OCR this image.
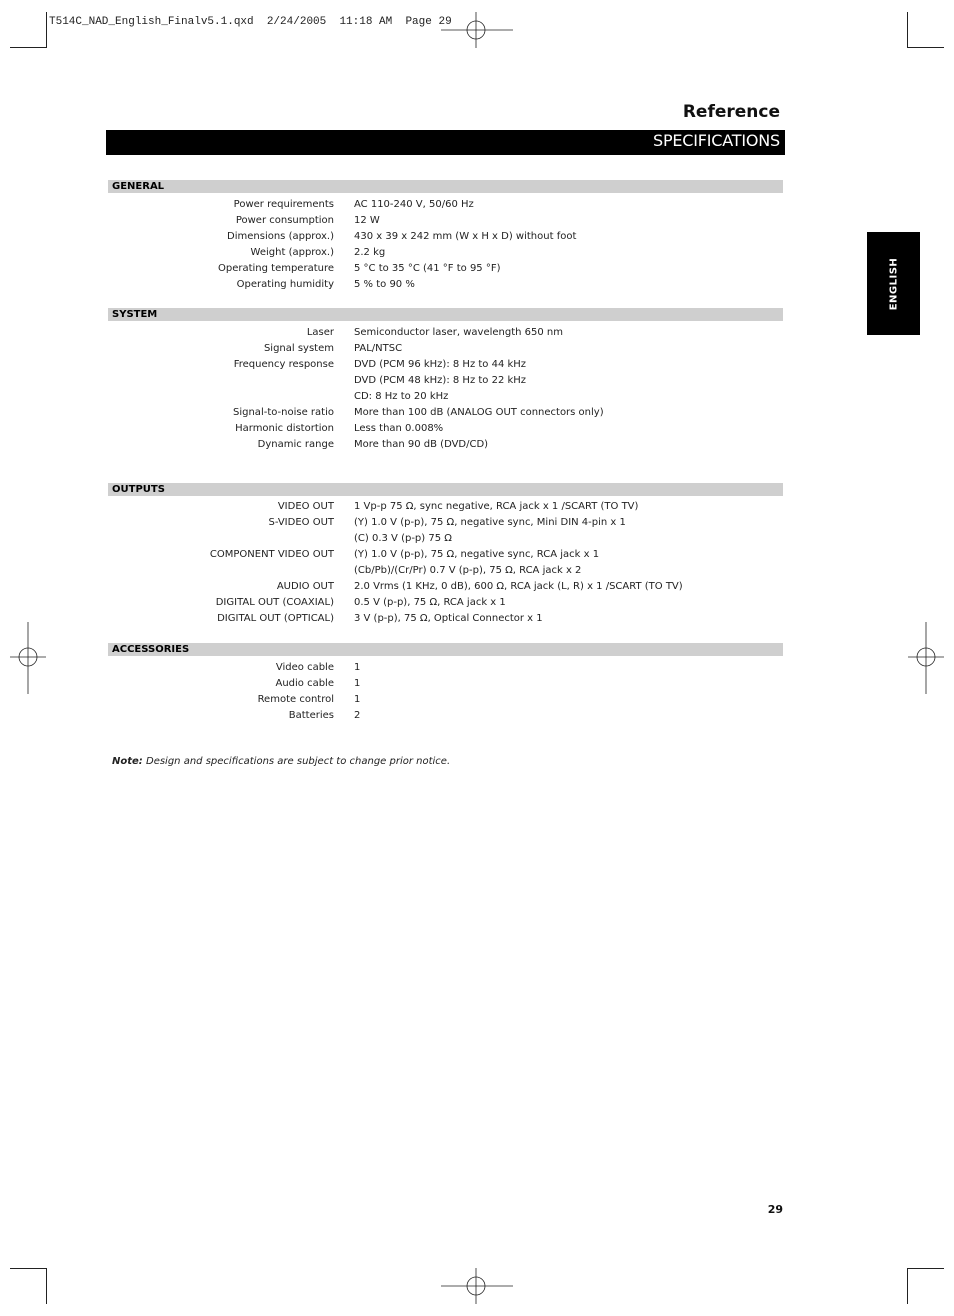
T514C_NAD_English_Finalv5.1.qxd  2/24/2005  11:18 AM  Page 29
Reference
SPECIFICATIONS
ENGLISH
GENERAL
Power requirements AC 110-240 V, 50/60 Hz
Power consumption 12 W
Dimensions (approx.) 430 x 39 x 242 mm (W x H x D) without foot
Weight (approx.) 2.2 kg
Operating temperature 5 °C to 35 °C (41 °F to 95 °F)
Operating humidity 5 % to 90 %
SYSTEM
Laser Semiconductor laser, wavelength 650 nm
Signal system PAL/NTSC
Frequency response DVD (PCM 96 kHz): 8 Hz to 44 kHz
DVD (PCM 48 kHz): 8 Hz to 22 kHz
CD: 8 Hz to 20 kHz
Signal-to-noise ratio More than 100 dB (ANALOG OUT connectors only)
Harmonic distortion Less than 0.008%
Dynamic range More than 90 dB (DVD/CD)
OUTPUTS
VIDEO OUT 1 Vp-p 75 Ω, sync negative, RCA jack x 1 /SCART (TO TV)
S-VIDEO OUT (Y) 1.0 V (p-p), 75 Ω, negative sync, Mini DIN 4-pin x 1
(C) 0.3 V (p-p) 75 Ω
COMPONENT VIDEO OUT (Y) 1.0 V (p-p), 75 Ω, negative sync, RCA jack x 1
(Cb/Pb)/(Cr/Pr) 0.7 V (p-p), 75 Ω, RCA jack x 2
AUDIO OUT 2.0 Vrms (1 KHz, 0 dB), 600 Ω, RCA jack (L, R) x 1 /SCART (TO TV)
DIGITAL OUT (COAXIAL) 0.5 V (p-p), 75 Ω, RCA jack x 1
DIGITAL OUT (OPTICAL) 3 V (p-p), 75 Ω, Optical Connector x 1
ACCESSORIES
Video cable 1
Audio cable 1
Remote control 1
Batteries 2
Note: Design and specifications are subject to change prior notice.
29
